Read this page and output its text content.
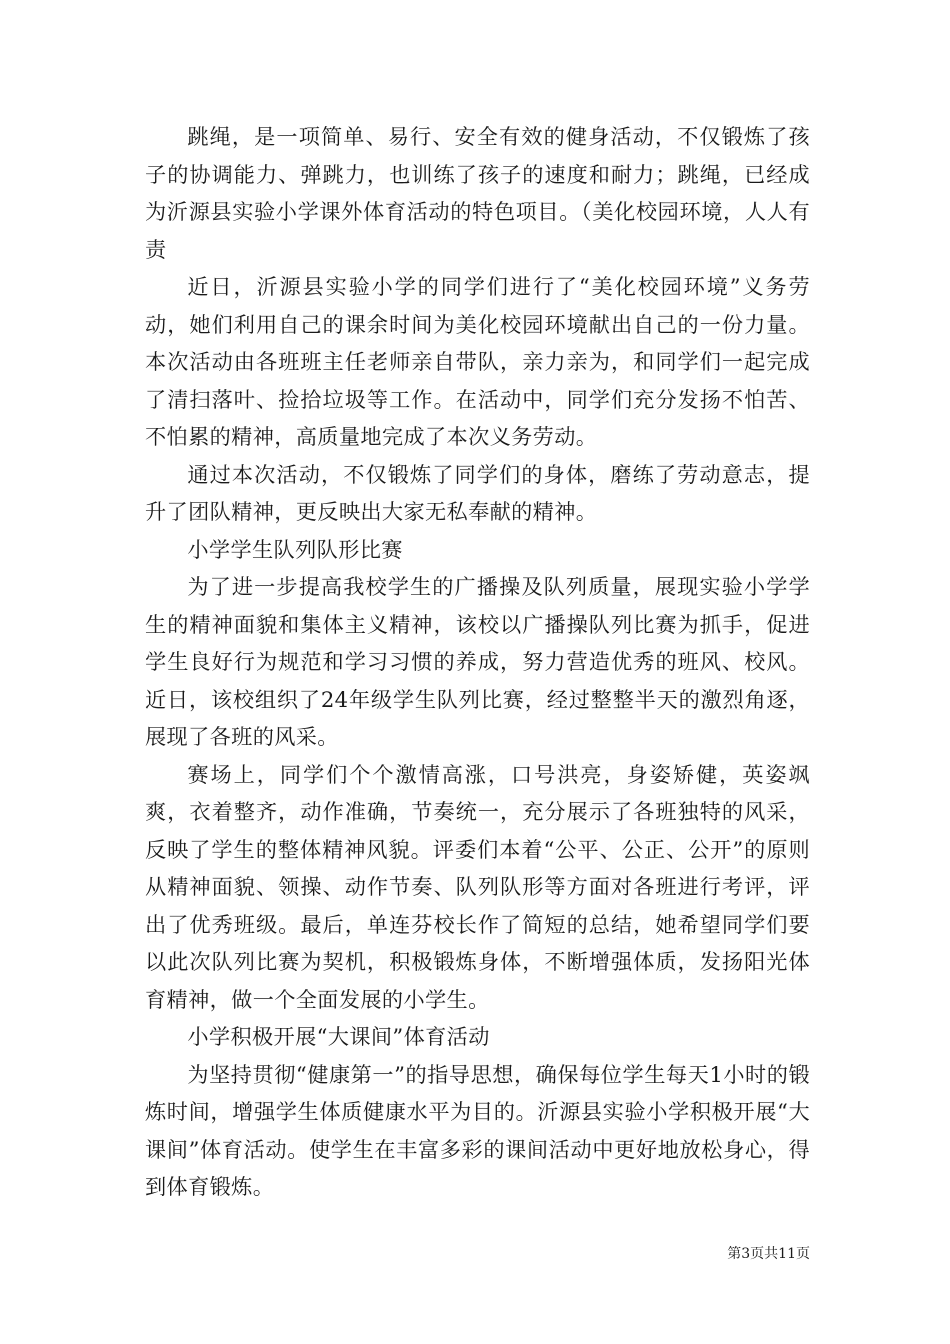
跳绳，是一项简单、易行、安全有效的健身活动，不仅锻炼了孩子的协调能力、弹跳力，也训练了孩子的速度和耐力；跳绳，已经成为沂源县实验小学课外体育活动的特色项目。（美化校园环境，人人有责

近日，沂源县实验小学的同学们进行了“美化校园环境”义务劳动，她们利用自己的课余时间为美化校园环境献出自己的一份力量。本次活动由各班班主任老师亲自带队，亲力亲为，和同学们一起完成了清扫落叶、捡拾垃圾等工作。在活动中，同学们充分发扬不怕苦、不怕累的精神，高质量地完成了本次义务劳动。

通过本次活动，不仅锻炼了同学们的身体，磨练了劳动意志，提升了团队精神，更反映出大家无私奉献的精神。

小学学生队列队形比赛

为了进一步提高我校学生的广播操及队列质量，展现实验小学学生的精神面貌和集体主义精神，该校以广播操队列比赛为抓手，促进学生良好行为规范和学习习惯的养成，努力营造优秀的班风、校风。近日，该校组织了24年级学生队列比赛，经过整整半天的激烈角逐，展现了各班的风采。

赛场上，同学们个个激情高涨，口号洪亮，身姿矫健，英姿飒爽，衣着整齐，动作准确，节奏统一，充分展示了各班独特的风采，反映了学生的整体精神风貌。评委们本着“公平、公正、公开”的原则从精神面貌、领操、动作节奏、队列队形等方面对各班进行考评，评出了优秀班级。最后，单连芬校长作了简短的总结，她希望同学们要以此次队列比赛为契机，积极锻炼身体，不断增强体质，发扬阳光体育精神，做一个全面发展的小学生。

小学积极开展“大课间”体育活动

为坚持贯彻“健康第一”的指导思想，确保每位学生每天1小时的锻炼时间，增强学生体质健康水平为目的。沂源县实验小学积极开展“大课间”体育活动。使学生在丰富多彩的课间活动中更好地放松身心，得到体育锻炼。

第3页共11页
